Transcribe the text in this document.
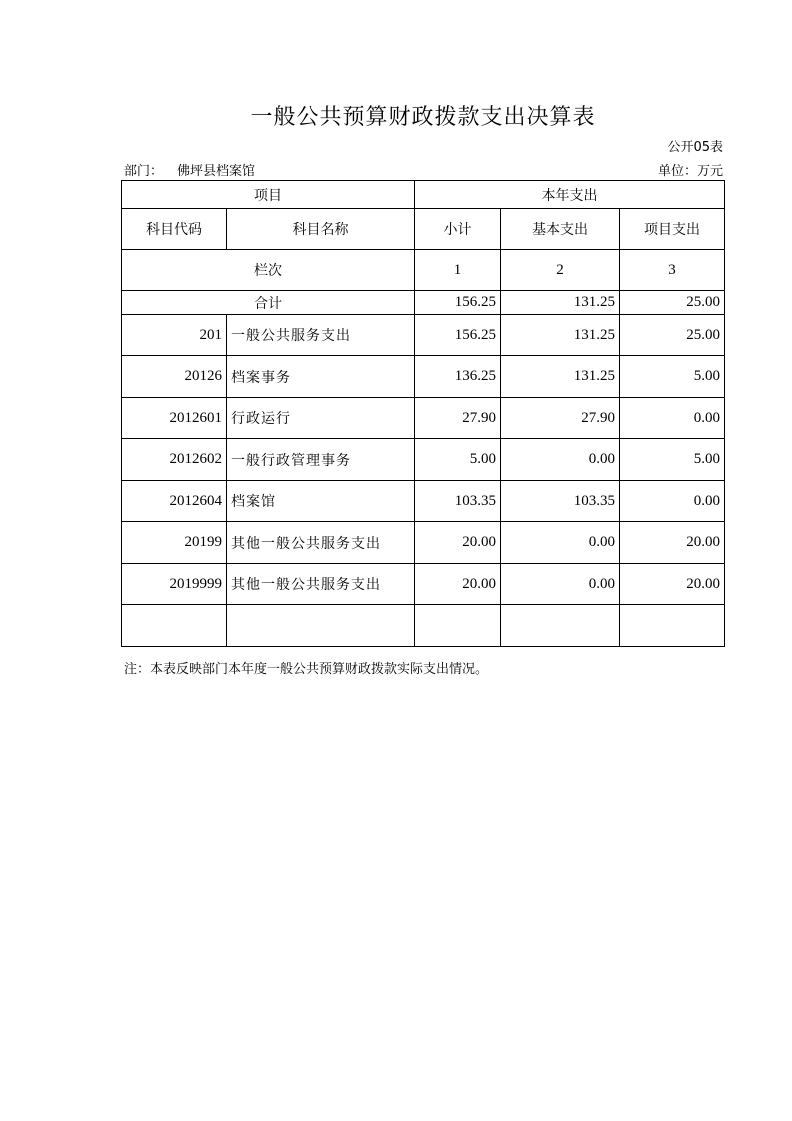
一般公共预算财政拨款支出决算表
公开05表
部门： 佛坪县档案馆	单位：万元
项目		本年支出		
科目代码	科目名称	小计	基本支出	项目支出
栏次		1	2	3
合计		156.25	131.25	25.00
201	一般公共服务支出	156.25	131.25	25.00
20126	档案事务	136.25	131.25	5.00
2012601	行政运行	27.90	27.90	0.00
2012602	一般行政管理事务	5.00	0.00	5.00
2012604	档案馆	103.35	103.35	0.00
20199	其他一般公共服务支出	20.00	0.00	20.00
2019999	其他一般公共服务支出	20.00	0.00	20.00

注：本表反映部门本年度一般公共预算财政拨款实际支出情况。
